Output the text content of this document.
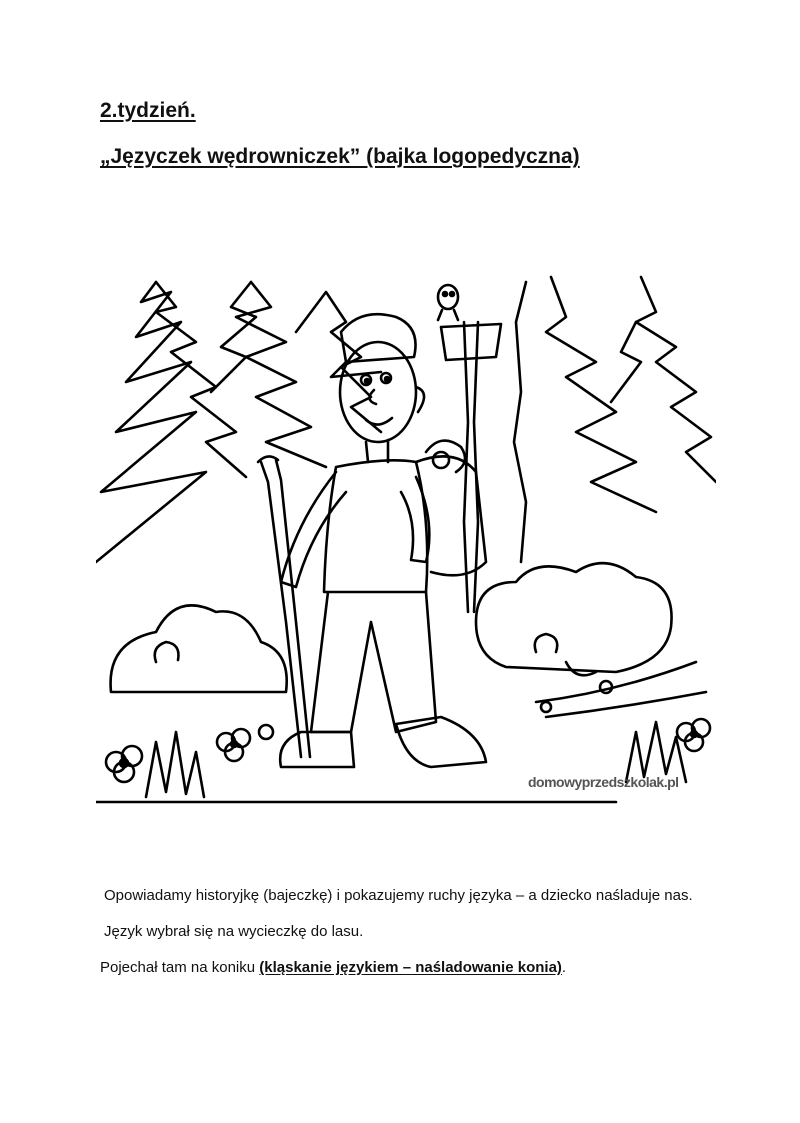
2.tydzień.
„Języczek wędrowniczek” (bajka logopedyczna)
domowyprzedszkolak.pl

Opowiadamy historyjkę (bajeczkę) i pokazujemy ruchy języka – a dziecko naśladuje nas.

Język wybrał się na wycieczkę do lasu.

Pojechał tam na koniku (kląskanie językiem – naśladowanie konia).
